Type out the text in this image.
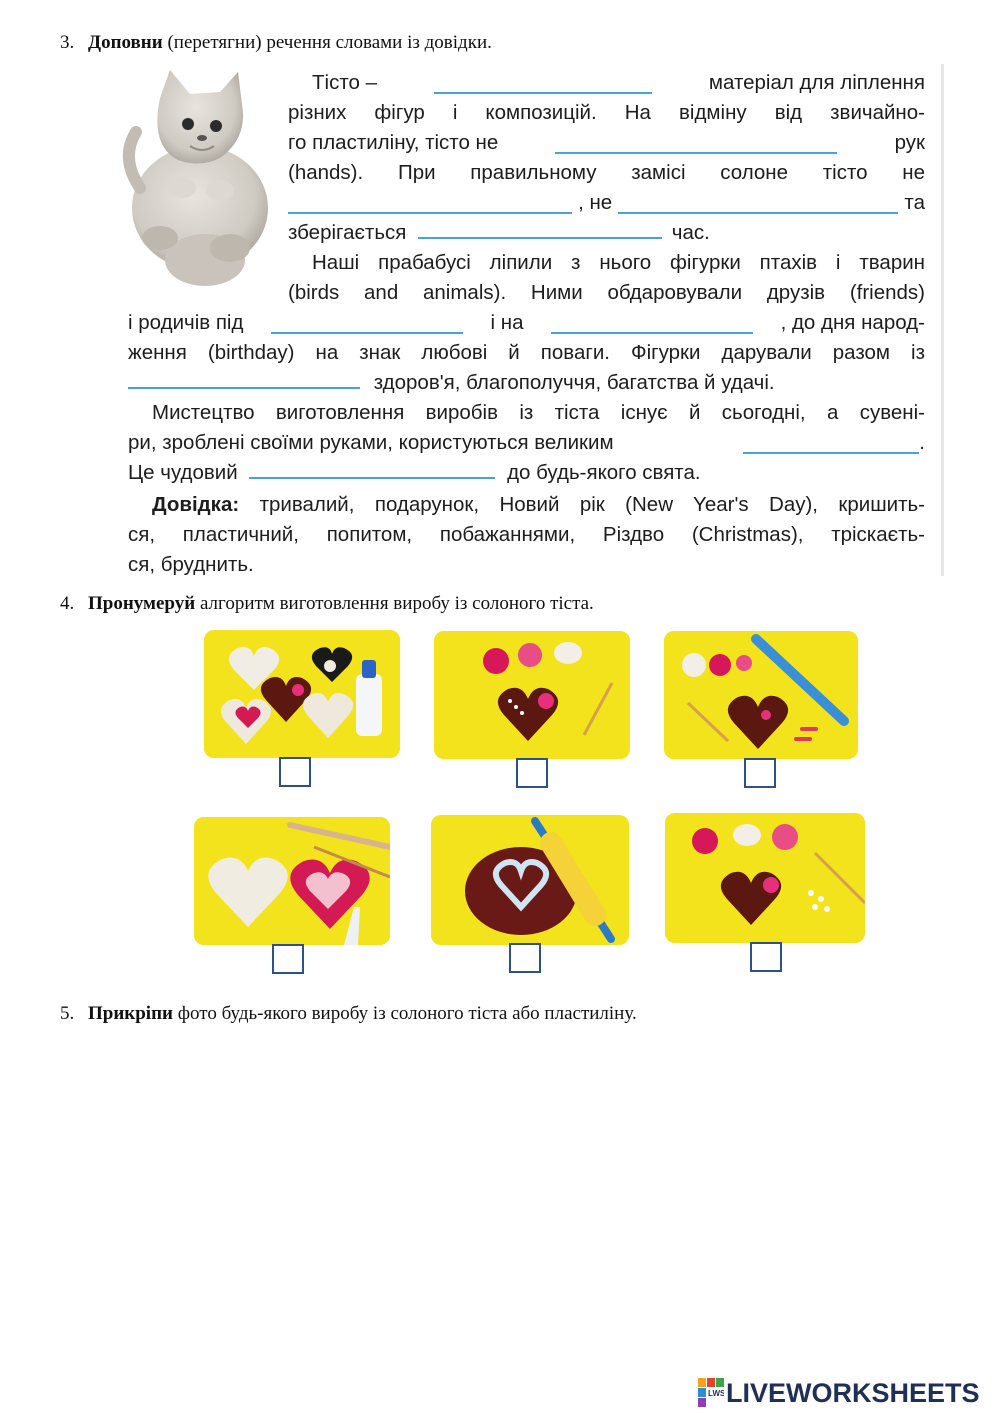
3. Доповни (перетягни) речення словами із довідки.
Тісто –	матеріал для ліплення
різних фігур і композицій. На відміну від звичайно-
го пластиліну, тісто не	рук
(hands). При правильному замісі солоне тісто не
, не	та
зберігається	час.
Наші прабабусі ліпили з нього фігурки птахів і тварин
(birds and animals). Ними обдаровували друзів (friends)
і родичів під	і на	, до дня народ-
ження (birthday) на знак любові й поваги. Фігурки дарували разом із
здоров'я, благополуччя, багатства й удачі.
Мистецтво виготовлення виробів із тіста існує й сьогодні, а сувені-
ри, зроблені своїми руками, користуються великим	.
Це чудовий	до будь-якого свята.
Довідка: тривалий, подарунок, Новий рік (New Year's Day), кришить-
ся, пластичний, попитом, побажаннями, Різдво (Christmas), тріскаєть-
ся, бруднить.
4. Пронумеруй алгоритм виготовлення виробу із солоного тіста.
5. Прикріпи фото будь-якого виробу із солоного тіста або пластиліну.
LWS LIVEWORKSHEETS
